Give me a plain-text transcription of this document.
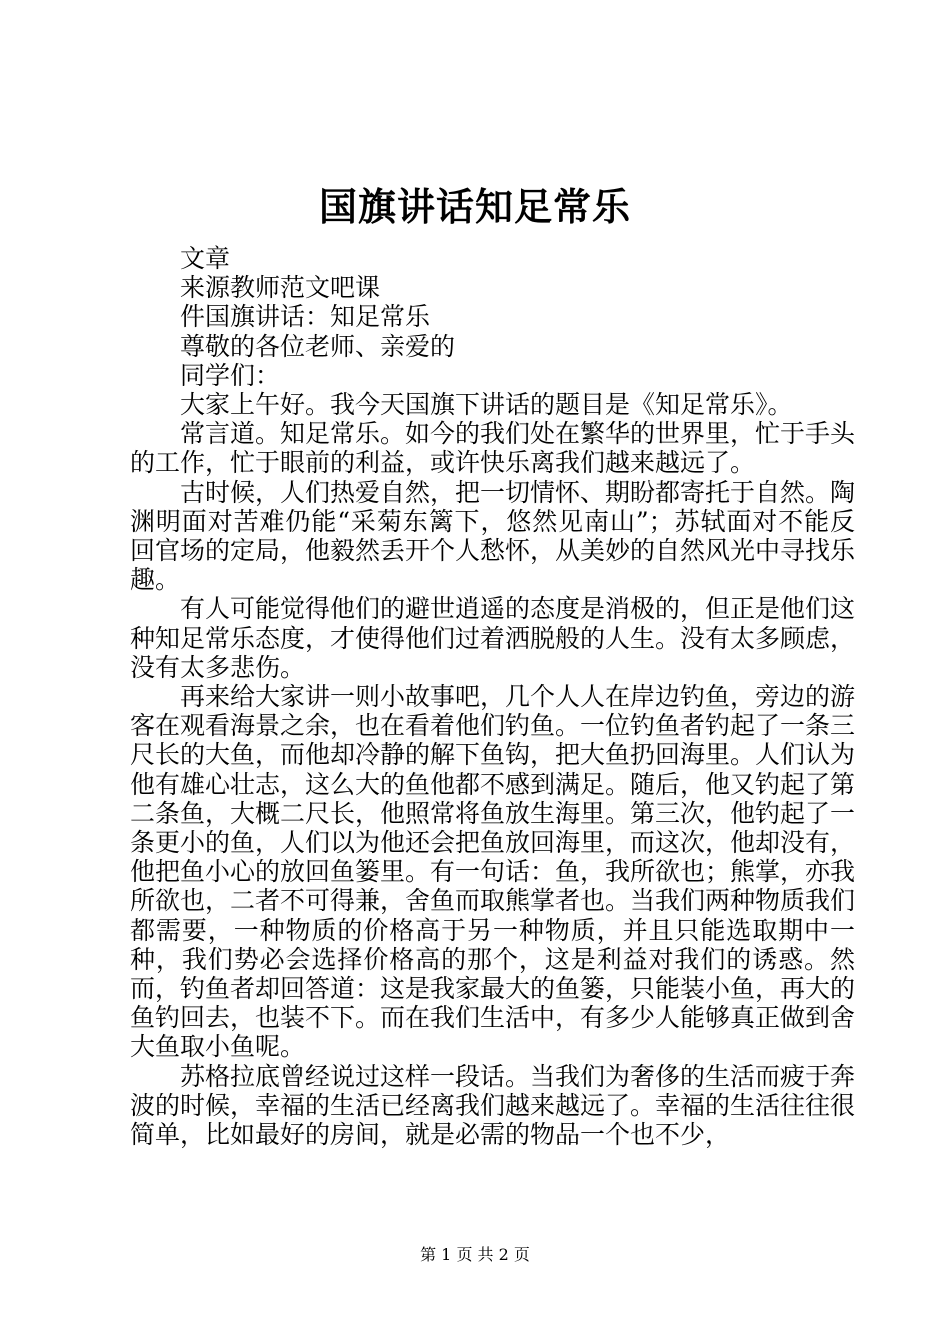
国旗讲话知足常乐

文章

来源教师范文吧课

件国旗讲话：知足常乐

尊敬的各位老师、亲爱的

同学们：

大家上午好。我今天国旗下讲话的题目是《知足常乐》。

常言道。知足常乐。如今的我们处在繁华的世界里，忙于手头的工作，忙于眼前的利益，或许快乐离我们越来越远了。

古时候，人们热爱自然，把一切情怀、期盼都寄托于自然。陶渊明面对苦难仍能“采菊东篱下，悠然见南山”；苏轼面对不能反回官场的定局，他毅然丢开个人愁怀，从美妙的自然风光中寻找乐趣。

有人可能觉得他们的避世逍遥的态度是消极的，但正是他们这种知足常乐态度，才使得他们过着洒脱般的人生。没有太多顾虑，没有太多悲伤。

再来给大家讲一则小故事吧，几个人人在岸边钓鱼，旁边的游客在观看海景之余，也在看着他们钓鱼。一位钓鱼者钓起了一条三尺长的大鱼，而他却冷静的解下鱼钩，把大鱼扔回海里。人们认为他有雄心壮志，这么大的鱼他都不感到满足。随后，他又钓起了第二条鱼，大概二尺长，他照常将鱼放生海里。第三次，他钓起了一条更小的鱼，人们以为他还会把鱼放回海里，而这次，他却没有，他把鱼小心的放回鱼篓里。有一句话：鱼，我所欲也；熊掌，亦我所欲也，二者不可得兼，舍鱼而取熊掌者也。当我们两种物质我们都需要，一种物质的价格高于另一种物质，并且只能选取期中一种，我们势必会选择价格高的那个，这是利益对我们的诱惑。然而，钓鱼者却回答道：这是我家最大的鱼篓，只能装小鱼，再大的鱼钓回去，也装不下。而在我们生活中，有多少人能够真正做到舍大鱼取小鱼呢。

苏格拉底曾经说过这样一段话。当我们为奢侈的生活而疲于奔波的时候，幸福的生活已经离我们越来越远了。幸福的生活往往很简单，比如最好的房间，就是必需的物品一个也不少，

第 1 页 共 2 页
